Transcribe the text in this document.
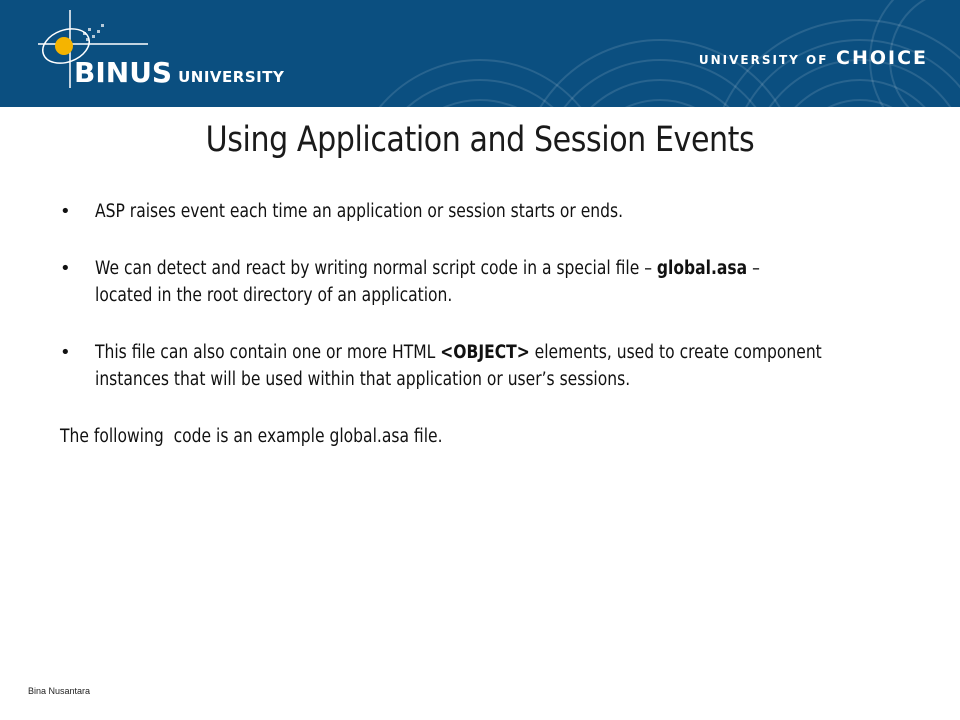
BINUS UNIVERSITY
UNIVERSITY OF CHOICE
Using Application and Session Events
• ASP raises event each time an application or session starts or ends.
• We can detect and react by writing normal script code in a special file – global.asa –
located in the root directory of an application.
• This file can also contain one or more HTML <OBJECT> elements, used to create component
instances that will be used within that application or user’s sessions.
The following  code is an example global.asa file.
Bina Nusantara
